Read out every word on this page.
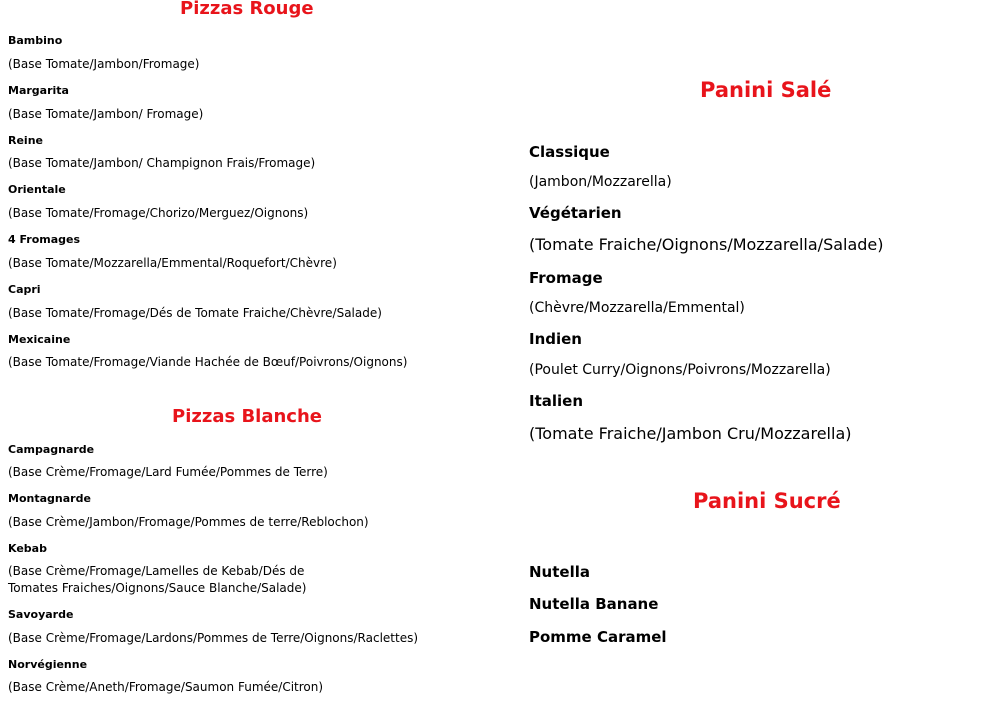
Pizzas Rouge
Bambino
(Base Tomate/Jambon/Fromage)
Margarita
(Base Tomate/Jambon/ Fromage)
Reine
(Base Tomate/Jambon/ Champignon Frais/Fromage)
Orientale
(Base Tomate/Fromage/Chorizo/Merguez/Oignons)
4 Fromages
(Base Tomate/Mozzarella/Emmental/Roquefort/Chèvre)
Capri
(Base Tomate/Fromage/Dés de Tomate Fraiche/Chèvre/Salade)
Mexicaine
(Base Tomate/Fromage/Viande Hachée de Bœuf/Poivrons/Oignons)
Pizzas Blanche
Campagnarde
(Base Crème/Fromage/Lard Fumée/Pommes de Terre)
Montagnarde
(Base Crème/Jambon/Fromage/Pommes de terre/Reblochon)
Kebab
(Base Crème/Fromage/Lamelles de Kebab/Dés de Tomates Fraiches/Oignons/Sauce Blanche/Salade)
Savoyarde
(Base Crème/Fromage/Lardons/Pommes de Terre/Oignons/Raclettes)
Norvégienne
(Base Crème/Aneth/Fromage/Saumon Fumée/Citron)
Panini Salé
Classique
(Jambon/Mozzarella)
Végétarien
(Tomate Fraiche/Oignons/Mozzarella/Salade)
Fromage
(Chèvre/Mozzarella/Emmental)
Indien
(Poulet Curry/Oignons/Poivrons/Mozzarella)
Italien
(Tomate Fraiche/Jambon Cru/Mozzarella)
Panini Sucré
Nutella
Nutella Banane
Pomme Caramel
